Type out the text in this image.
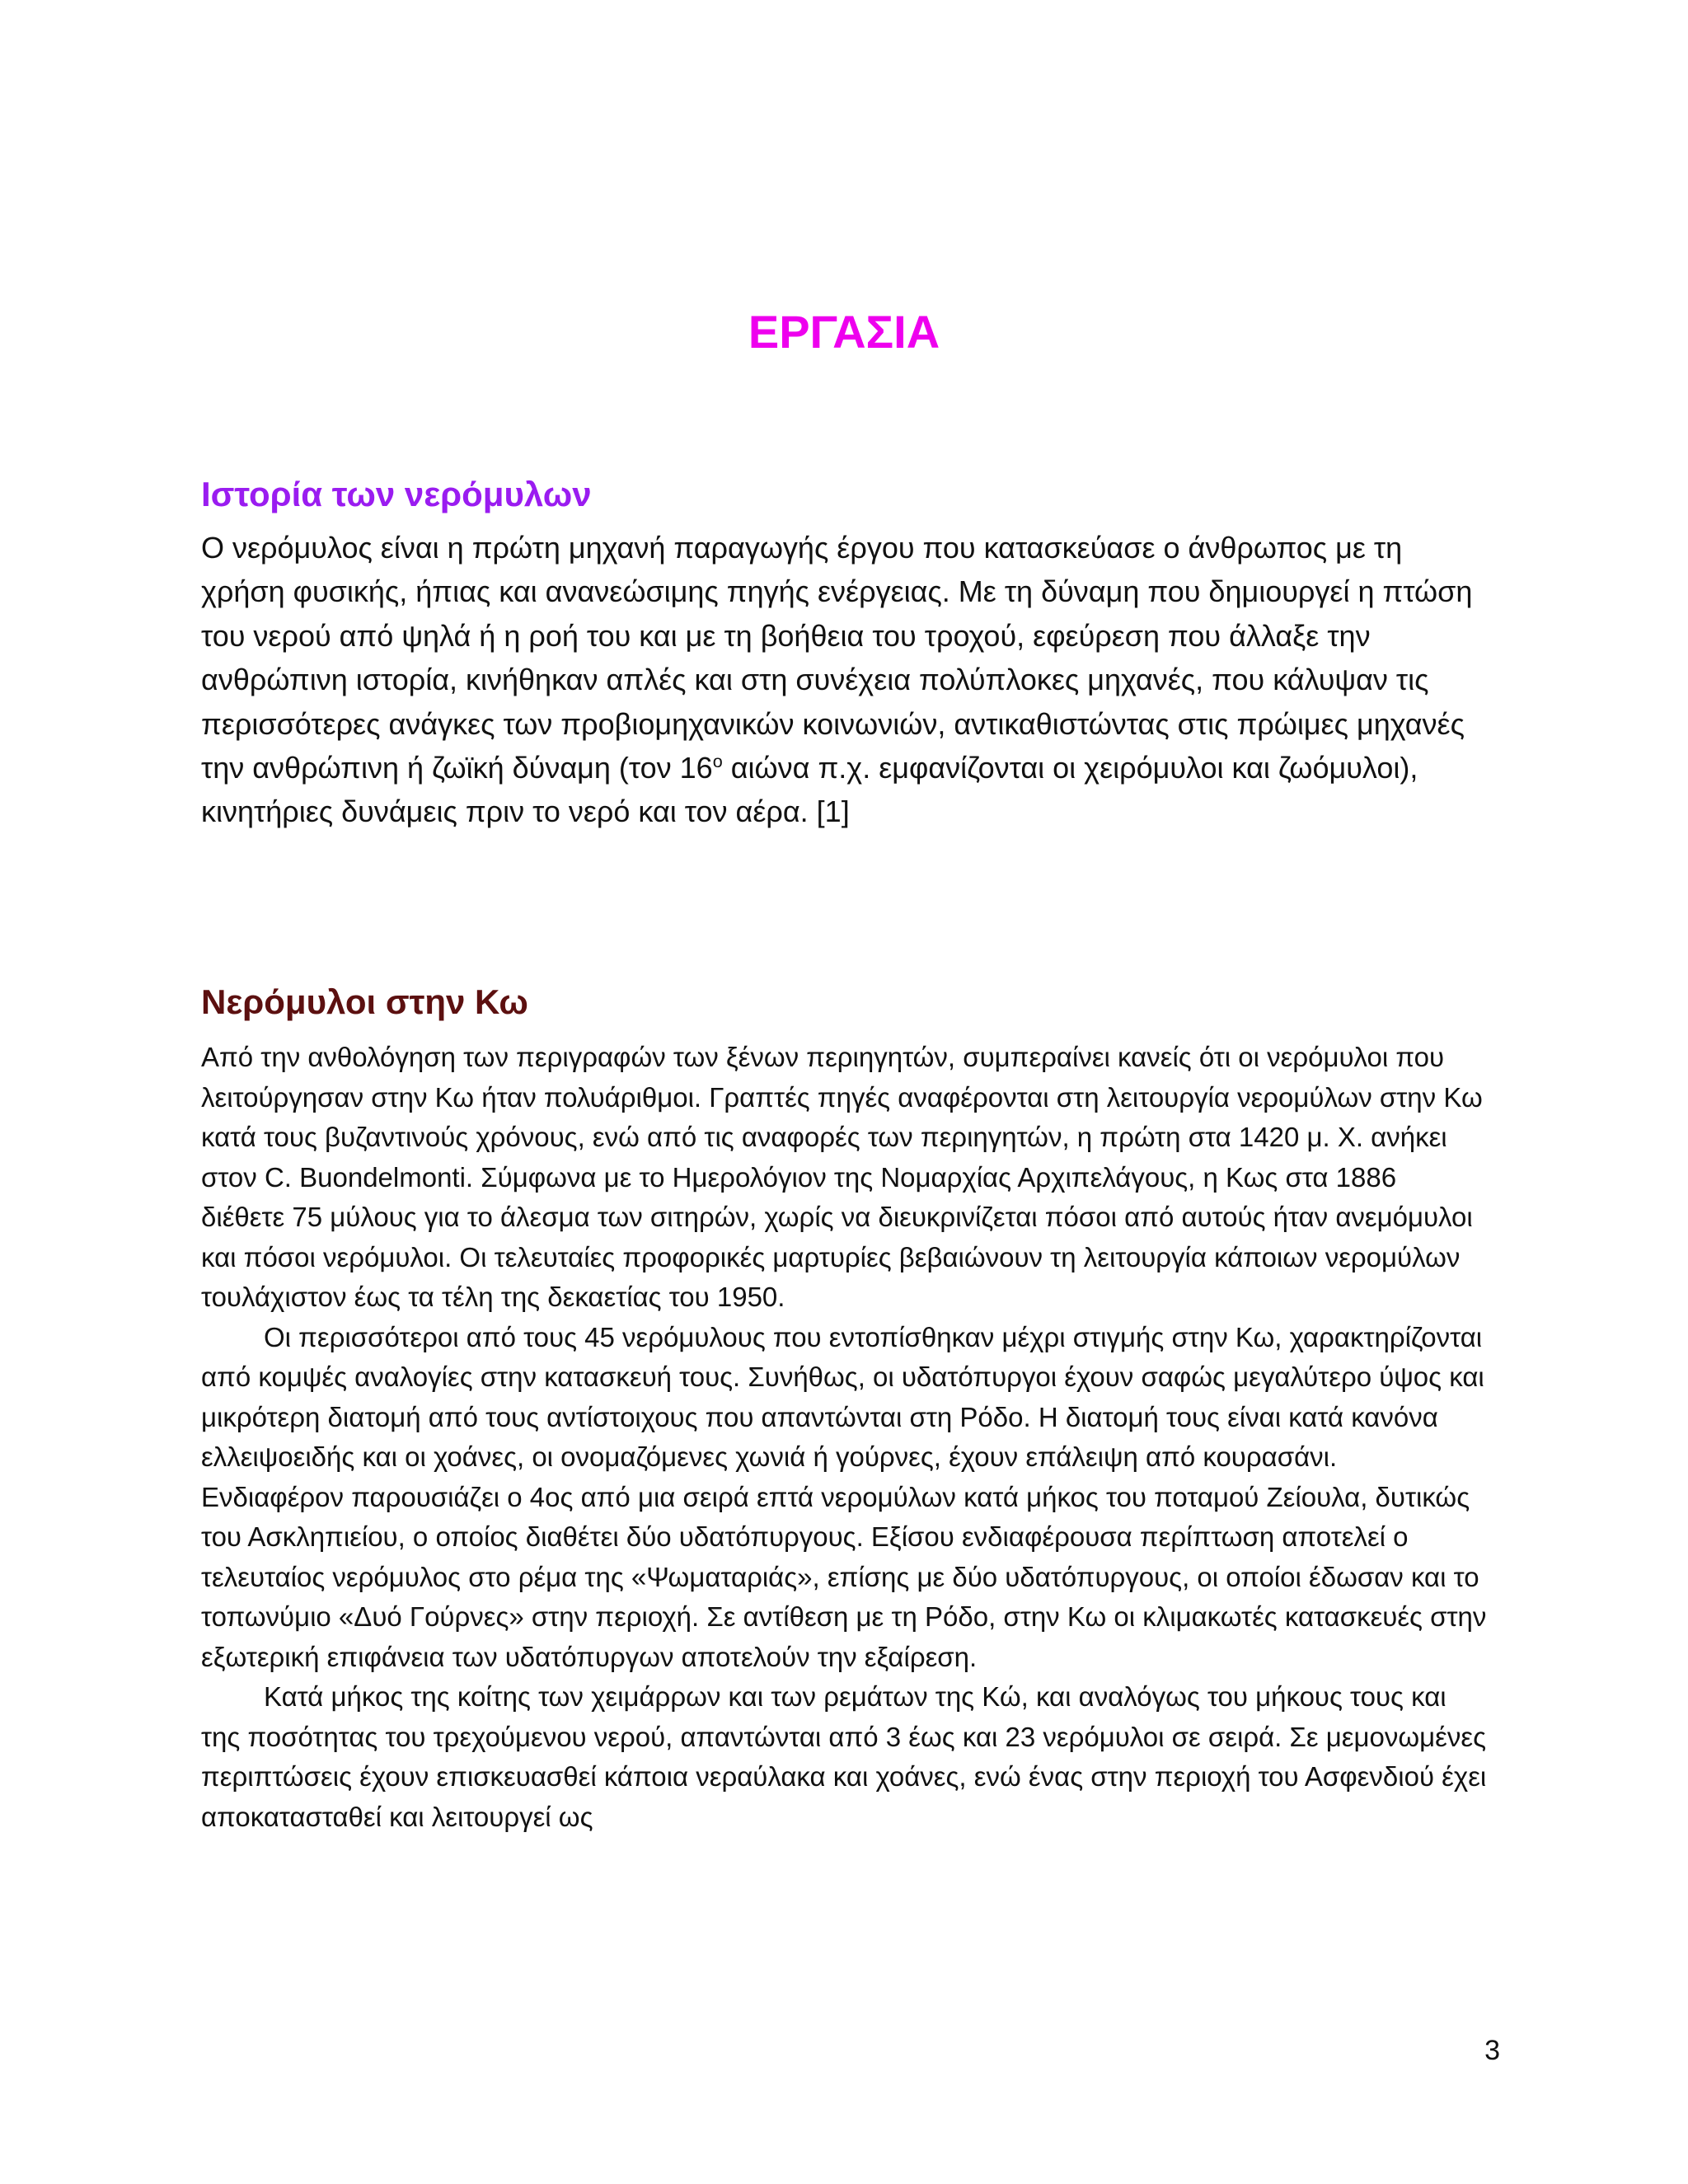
ΕΡΓΑΣΙΑ
Ιστορία των νερόμυλων

Ο νερόμυλος είναι η πρώτη μηχανή παραγωγής έργου που κατασκεύασε ο άνθρωπος με τη χρήση φυσικής, ήπιας και ανανεώσιμης πηγής ενέργειας. Με τη δύναμη που δημιουργεί η πτώση του νερού από ψηλά ή η ροή του και με τη βοήθεια του τροχού, εφεύρεση που άλλαξε την ανθρώπινη ιστορία, κινήθηκαν απλές και στη συνέχεια πολύπλοκες μηχανές, που κάλυψαν τις περισσότερες ανάγκες των προβιομηχανικών κοινωνιών, αντικαθιστώντας στις πρώιμες μηχανές την ανθρώπινη ή ζωϊκή δύναμη (τον $16^o$ αιώνα π.χ. εμφανίζονται οι χειρόμυλοι και ζωόμυλοι), κινητήριες δυνάμεις πριν το νερό και τον αέρα. [1]

Νερόμυλοι στην Κω

Από την ανθολόγηση των περιγραφών των ξένων περιηγητών, συμπεραίνει κανείς ότι οι νερόμυλοι που λειτούργησαν στην Κω ήταν πολυάριθμοι. Γραπτές πηγές αναφέρονται στη λειτουργία νερομύλων στην Κω κατά τους βυζαντινούς χρόνους, ενώ από τις αναφορές των περιηγητών, η πρώτη στα 1420 μ. Χ. ανήκει στον C. Buondelmonti. Σύμφωνα με το Ημερολόγιον της Νομαρχίας Αρχιπελάγους, η Κως στα 1886 διέθετε 75 μύλους για το άλεσμα των σιτηρών, χωρίς να διευκρινίζεται πόσοι από αυτούς ήταν ανεμόμυλοι και πόσοι νερόμυλοι. Οι τελευταίες προφορικές μαρτυρίες βεβαιώνουν τη λειτουργία κάποιων νερομύλων τουλάχιστον έως τα τέλη της δεκαετίας του 1950.

Οι περισσότεροι από τους 45 νερόμυλους που εντοπίσθηκαν μέχρι στιγμής στην Κω, χαρακτηρίζονται από κομψές αναλογίες στην κατασκευή τους. Συνήθως, οι υδατόπυργοι έχουν σαφώς μεγαλύτερο ύψος και μικρότερη διατομή από τους αντίστοιχους που απαντώνται στη Ρόδο. Η διατομή τους είναι κατά κανόνα ελλειψοειδής και οι χοάνες, οι ονομαζόμενες χωνιά ή γούρνες, έχουν επάλειψη από κουρασάνι. Ενδιαφέρον παρουσιάζει ο 4ος από μια σειρά επτά νερομύλων κατά μήκος του ποταμού Ζείουλα, δυτικώς του Ασκληπιείου, ο οποίος διαθέτει δύο υδατόπυργους. Εξίσου ενδιαφέρουσα περίπτωση αποτελεί ο τελευταίος νερόμυλος στο ρέμα της «Ψωματαριάς», επίσης με δύο υδατόπυργους, οι οποίοι έδωσαν και το τοπωνύμιο «Δυό Γούρνες» στην περιοχή. Σε αντίθεση με τη Ρόδο, στην Κω οι κλιμακωτές κατασκευές στην εξωτερική επιφάνεια των υδατόπυργων αποτελούν την εξαίρεση.

Κατά μήκος της κοίτης των χειμάρρων και των ρεμάτων της Κώ, και αναλόγως του μήκους τους και της ποσότητας του τρεχούμενου νερού, απαντώνται από 3 έως και 23 νερόμυλοι σε σειρά. Σε μεμονωμένες περιπτώσεις έχουν επισκευασθεί κάποια νεραύλακα και χοάνες, ενώ ένας στην περιοχή του Ασφενδιού έχει αποκατασταθεί και λειτουργεί ως

3
